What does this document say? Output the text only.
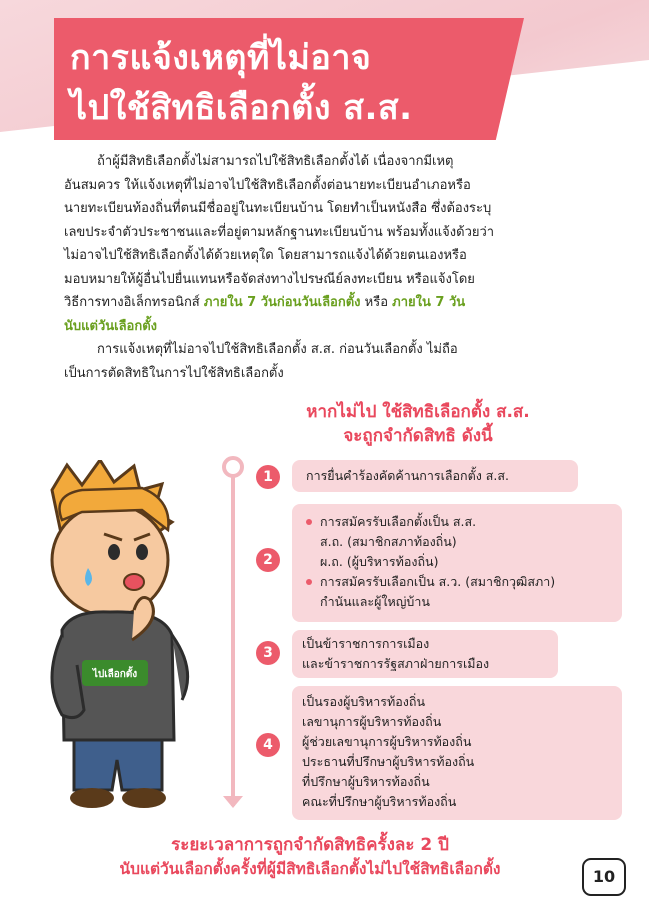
การแจ้งเหตุที่ไม่อาจ
ไปใช้สิทธิเลือกตั้ง ส.ส.
ถ้าผู้มีสิทธิเลือกตั้งไม่สามารถไปใช้สิทธิเลือกตั้งได้ เนื่องจากมีเหตุ
อันสมควร ให้แจ้งเหตุที่ไม่อาจไปใช้สิทธิเลือกตั้งต่อนายทะเบียนอำเภอหรือ
นายทะเบียนท้องถิ่นที่ตนมีชื่ออยู่ในทะเบียนบ้าน โดยทำเป็นหนังสือ ซึ่งต้องระบุ
เลขประจำตัวประชาชนและที่อยู่ตามหลักฐานทะเบียนบ้าน พร้อมทั้งแจ้งด้วยว่า
ไม่อาจไปใช้สิทธิเลือกตั้งได้ด้วยเหตุใด โดยสามารถแจ้งได้ด้วยตนเองหรือ
มอบหมายให้ผู้อื่นไปยื่นแทนหรือจัดส่งทางไปรษณีย์ลงทะเบียน หรือแจ้งโดย
วิธีการทางอิเล็กทรอนิกส์ ภายใน 7 วันก่อนวันเลือกตั้ง หรือ ภายใน 7 วัน
นับแต่วันเลือกตั้ง
การแจ้งเหตุที่ไม่อาจไปใช้สิทธิเลือกตั้ง ส.ส. ก่อนวันเลือกตั้ง ไม่ถือ
เป็นการตัดสิทธิในการไปใช้สิทธิเลือกตั้ง
หากไม่ไป ใช้สิทธิเลือกตั้ง ส.ส.
จะถูกจำกัดสิทธิ ดังนี้
ไปเลือกตั้ง
1	การยื่นคำร้องคัดค้านการเลือกตั้ง ส.ส.
2
การสมัครรับเลือกตั้งเป็น ส.ส.
ส.ถ. (สมาชิกสภาท้องถิ่น)
ผ.ถ. (ผู้บริหารท้องถิ่น)
การสมัครรับเลือกเป็น ส.ว. (สมาชิกวุฒิสภา)
กำนันและผู้ใหญ่บ้าน
3
เป็นข้าราชการการเมือง
และข้าราชการรัฐสภาฝ่ายการเมือง
4
เป็นรองผู้บริหารท้องถิ่น
เลขานุการผู้บริหารท้องถิ่น
ผู้ช่วยเลขานุการผู้บริหารท้องถิ่น
ประธานที่ปรึกษาผู้บริหารท้องถิ่น
ที่ปรึกษาผู้บริหารท้องถิ่น
คณะที่ปรึกษาผู้บริหารท้องถิ่น
ระยะเวลาการถูกจำกัดสิทธิครั้งละ 2 ปี
นับแต่วันเลือกตั้งครั้งที่ผู้มีสิทธิเลือกตั้งไม่ไปใช้สิทธิเลือกตั้ง	10
